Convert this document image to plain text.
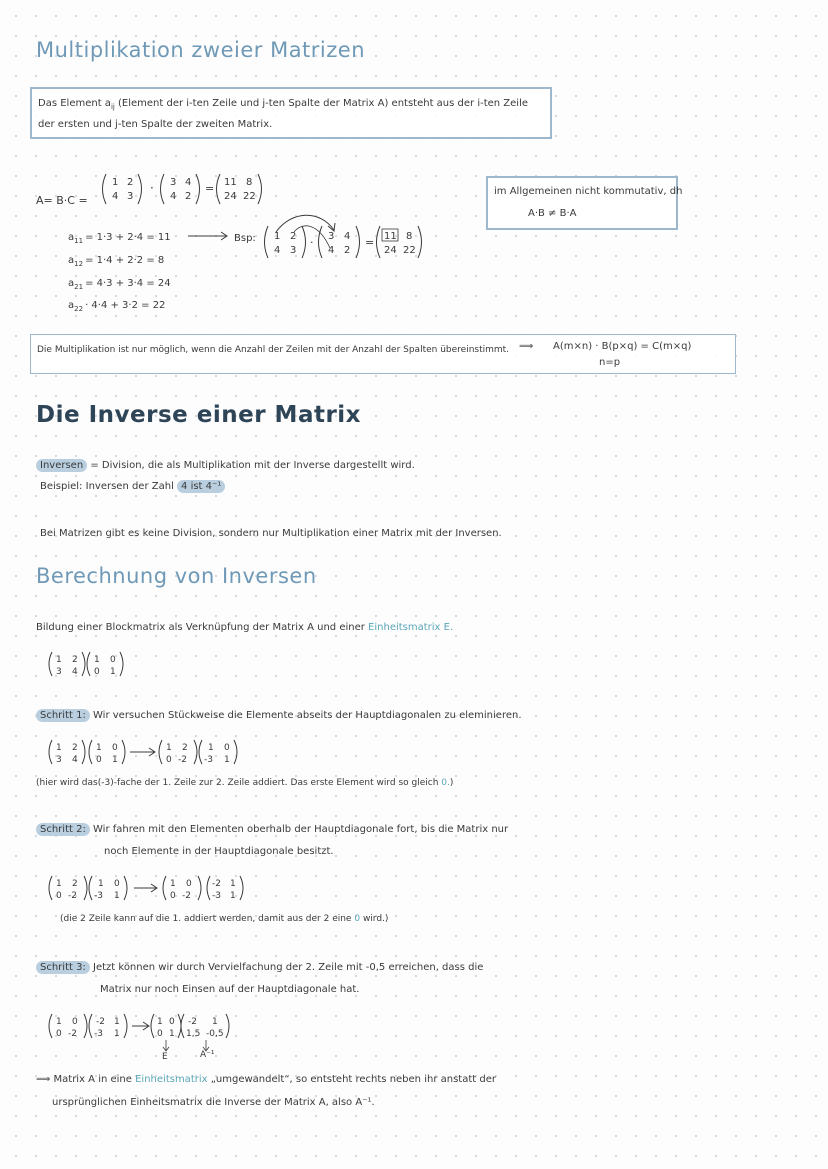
Multiplikation zweier Matrizen
Das Element $a_{ij}$ (Element der i-ten Zeile und j-ten Spalte der Matrix A) entsteht aus der i-ten Zeile
der ersten und j-ten Spalte der zweiten Matrix.
A= B·C =
1 2
4 3
· 3 4
4 2
= 11 8
24 22
$a_{11} = 1\cdot 3 + 2\cdot 4 = 11$
$a_{12} = 1\cdot 4 + 2\cdot 2 = 8$
$a_{21} = 4\cdot 3 + 3\cdot 4 = 24$
$a_{22} \cdot 4\cdot 4 + 3\cdot 2 = 22$
Bsp: 1 2
4 3
· 3 4
4 2
= 11 8
24 22
im Allgemeinen nicht kommutativ, dh
A·B ≠ B·A
Die Multiplikation ist nur möglich, wenn die Anzahl der Zeilen mit der Anzahl der Spalten übereinstimmt. ⟹ A(m×n) · B(p×q) = C(m×q)
n=p
Die Inverse einer Matrix
Inversen = Division, die als Multiplikation mit der Inverse dargestellt wird.
Beispiel: Inversen der Zahl 4 ist 4⁻¹
Bei Matrizen gibt es keine Division, sondern nur Multiplikation einer Matrix mit der Inversen.
Berechnung von Inversen
Bildung einer Blockmatrix als Verknüpfung der Matrix A und einer Einheitsmatrix E.
1 2
3 4
1 0
0 1
1 2
3 4
1 0
0 1
1 2
0 -2
1 0
-3 1
1 2
0 -2
1 0
-3 1
1 0
0 -2
-2 1
-3 1
1 0
0 -2
-2 1
-3 1
1 0
0 1
-2 1
1,5 -0,5
E	A⁻¹
Schritt 1: Wir versuchen Stückweise die Elemente abseits der Hauptdiagonalen zu eleminieren.
(hier wird das(-3)-fache der 1. Zeile zur 2. Zeile addiert. Das erste Element wird so gleich 0.)
Schritt 2: Wir fahren mit den Elementen oberhalb der Hauptdiagonale fort, bis die Matrix nur
noch Elemente in der Hauptdiagonale besitzt.
(die 2 Zeile kann auf die 1. addiert werden, damit aus der 2 eine 0 wird.)
Schritt 3: Jetzt können wir durch Vervielfachung der 2. Zeile mit -0,5 erreichen, dass die
Matrix nur noch Einsen auf der Hauptdiagonale hat.
⟹ Matrix A in eine Einheitsmatrix „umgewandelt“, so entsteht rechts neben ihr anstatt der
ursprünglichen Einheitsmatrix die Inverse der Matrix A, also A⁻¹.
